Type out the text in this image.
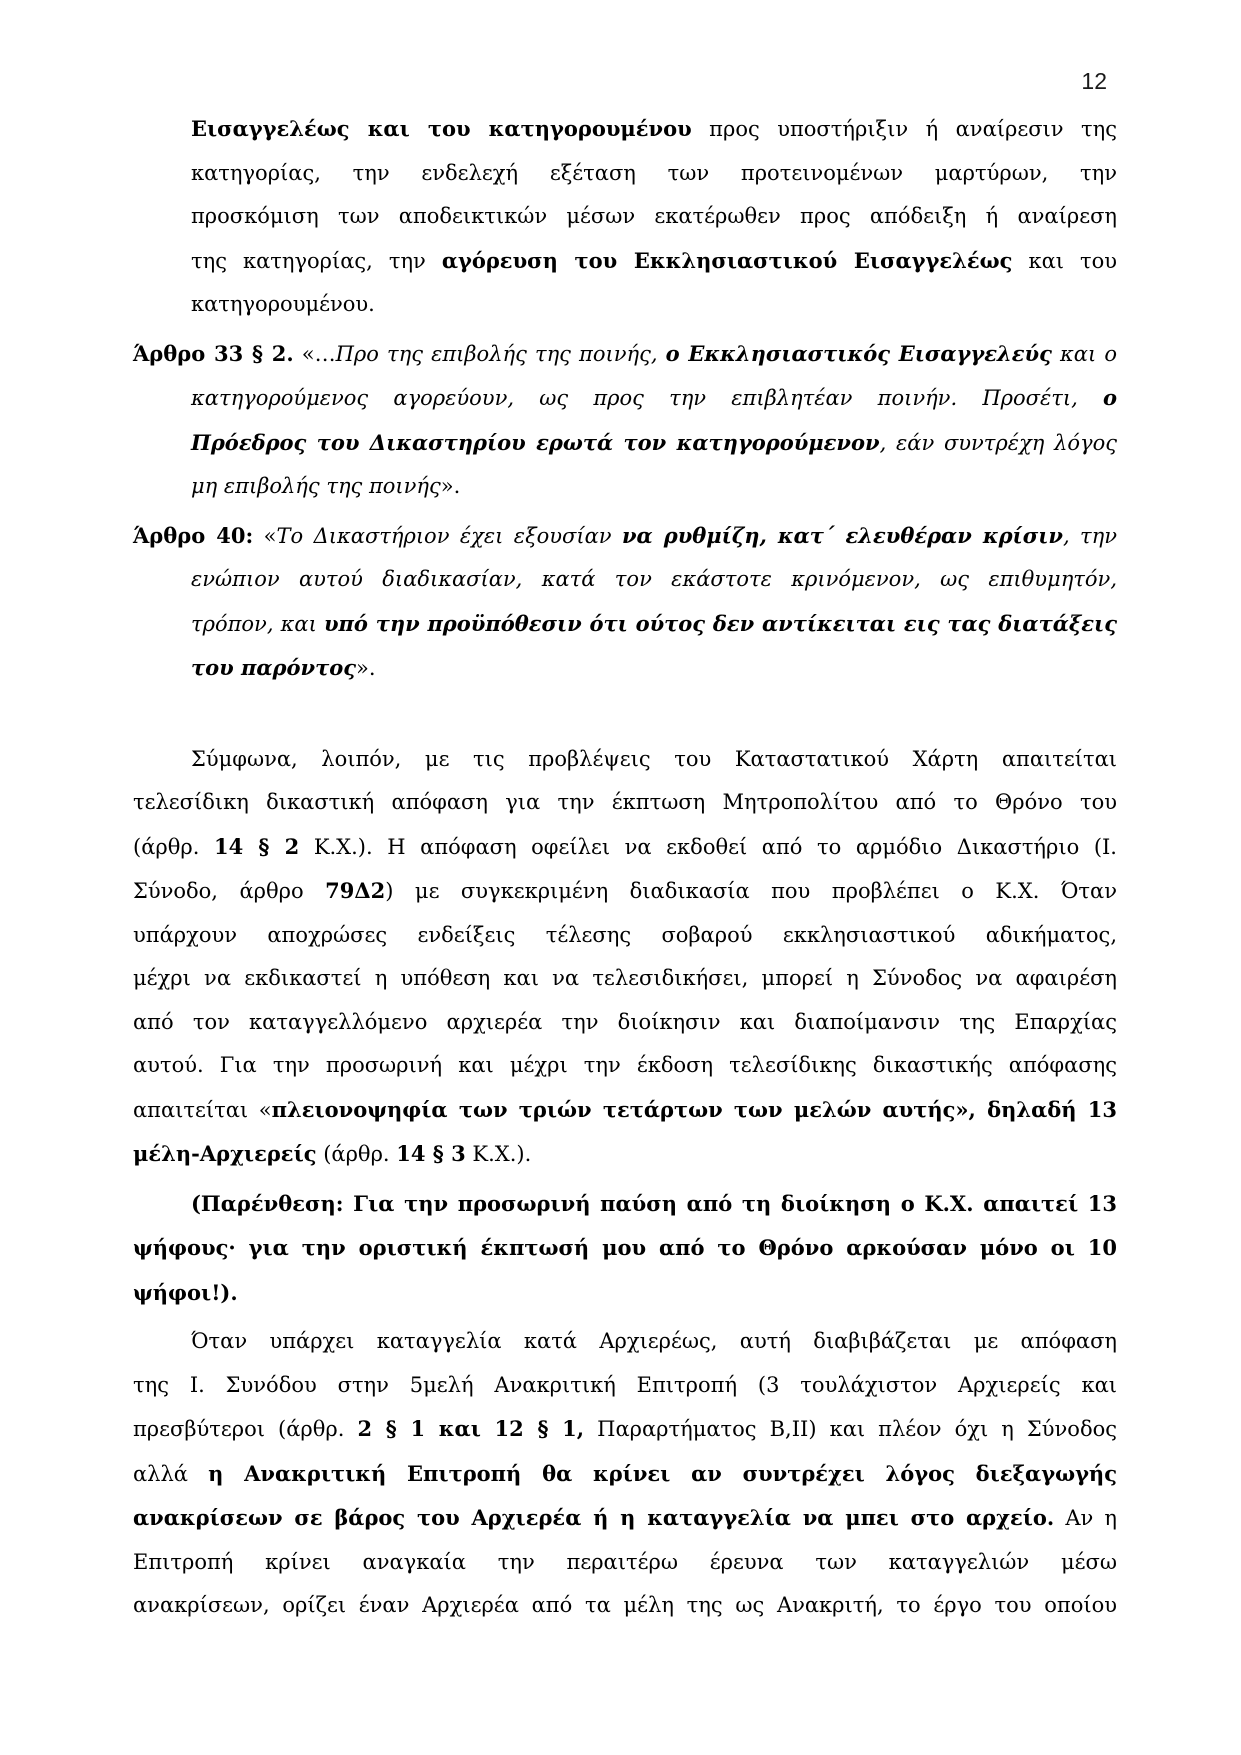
12
Εισαγγελέως και του κατηγορουμένου προς υποστήριξιν ή αναίρεσιν της
κατηγορίας, την ενδελεχή εξέταση των προτεινομένων μαρτύρων, την
προσκόμιση των αποδεικτικών μέσων εκατέρωθεν προς απόδειξη ή αναίρεση
της κατηγορίας, την αγόρευση του Εκκλησιαστικού Εισαγγελέως και του
κατηγορουμένου.
Άρθρο 33 § 2. «…Προ της επιβολής της ποινής, ο Εκκλησιαστικός Εισαγγελεύς και ο
κατηγορούμενος αγορεύουν, ως προς την επιβλητέαν ποινήν. Προσέτι, ο
Πρόεδρος του Δικαστηρίου ερωτά τον κατηγορούμενον, εάν συντρέχη λόγος
μη επιβολής της ποινής».
Άρθρο 40: «Το Δικαστήριον έχει εξουσίαν να ρυθμίζη, κατ΄ ελευθέραν κρίσιν, την
ενώπιον αυτού διαδικασίαν, κατά τον εκάστοτε κρινόμενον, ως επιθυμητόν,
τρόπον, και υπό την προϋπόθεσιν ότι ούτος δεν αντίκειται εις τας διατάξεις
του παρόντος».
Σύμφωνα, λοιπόν, με τις προβλέψεις του Καταστατικού Χάρτη απαιτείται
τελεσίδικη δικαστική απόφαση για την έκπτωση Μητροπολίτου από το Θρόνο του
(άρθρ. 14 § 2 Κ.Χ.). Η απόφαση οφείλει να εκδοθεί από το αρμόδιο Δικαστήριο (Ι.
Σύνοδο, άρθρο 79Δ2) με συγκεκριμένη διαδικασία που προβλέπει ο Κ.Χ. Όταν
υπάρχουν αποχρώσες ενδείξεις τέλεσης σοβαρού εκκλησιαστικού αδικήματος,
μέχρι να εκδικαστεί η υπόθεση και να τελεσιδικήσει, μπορεί η Σύνοδος να αφαιρέση
από τον καταγγελλόμενο αρχιερέα την διοίκησιν και διαποίμανσιν της Επαρχίας
αυτού. Για την προσωρινή και μέχρι την έκδοση τελεσίδικης δικαστικής απόφασης
απαιτείται «πλειονοψηφία των τριών τετάρτων των μελών αυτής», δηλαδή 13
μέλη-Αρχιερείς (άρθρ. 14 § 3 Κ.Χ.).
(Παρένθεση: Για την προσωρινή παύση από τη διοίκηση ο Κ.Χ. απαιτεί 13
ψήφους· για την οριστική έκπτωσή μου από το Θρόνο αρκούσαν μόνο οι 10
ψήφοι!).
Όταν υπάρχει καταγγελία κατά Αρχιερέως, αυτή διαβιβάζεται με απόφαση
της Ι. Συνόδου στην 5μελή Ανακριτική Επιτροπή (3 τουλάχιστον Αρχιερείς και
πρεσβύτεροι (άρθρ. 2 § 1 και 12 § 1, Παραρτήματος Β,ΙΙ) και πλέον όχι η Σύνοδος
αλλά η Ανακριτική Επιτροπή θα κρίνει αν συντρέχει λόγος διεξαγωγής
ανακρίσεων σε βάρος του Αρχιερέα ή η καταγγελία να μπει στο αρχείο. Αν η
Επιτροπή κρίνει αναγκαία την περαιτέρω έρευνα των καταγγελιών μέσω
ανακρίσεων, ορίζει έναν Αρχιερέα από τα μέλη της ως Ανακριτή, το έργο του οποίου
